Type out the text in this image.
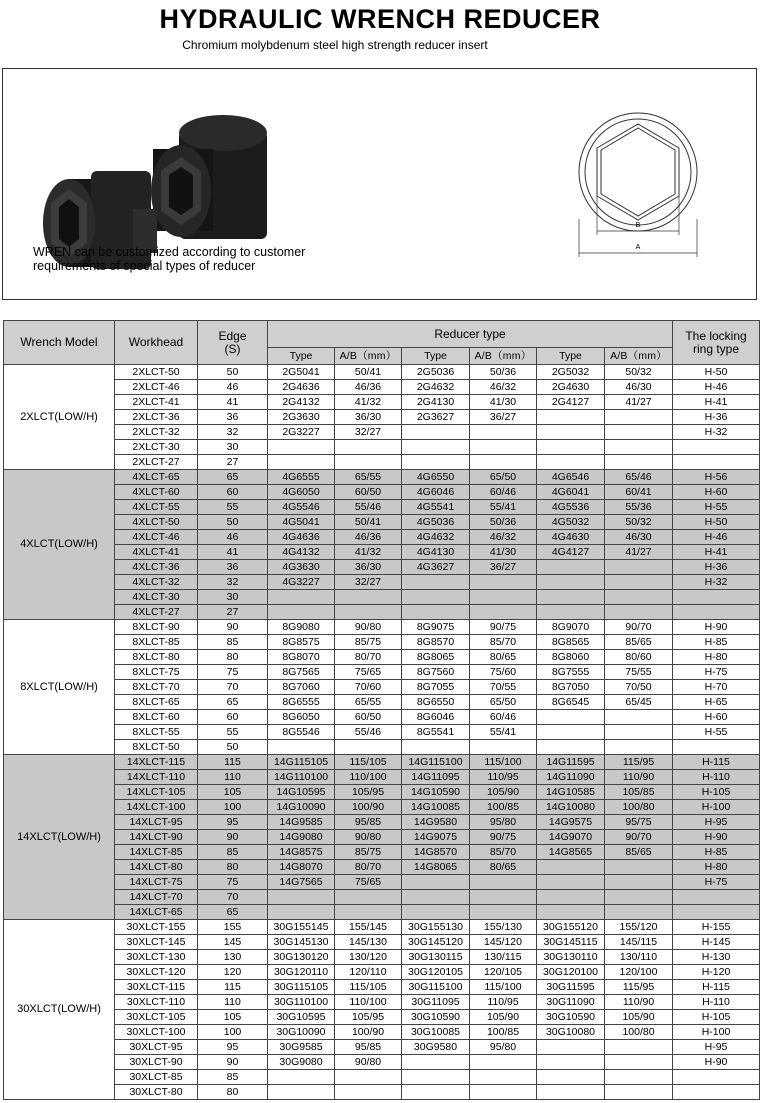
HYDRAULIC WRENCH REDUCER
Chromium molybdenum steel high strength reducer insert
WREN can be customized according to customer
requirements of special types of reducer
B
A
Wrench Model	Workhead	Edge
(S)	Reducer type						The locking
ring type
			Type	A/B（mm）	Type	A/B（mm）	Type	A/B（mm）	
2XLCT(LOW/H)	2XLCT-50	50	2G5041	50/41	2G5036	50/36	2G5032	50/32	H-50
	2XLCT-46	46	2G4636	46/36	2G4632	46/32	2G4630	46/30	H-46
	2XLCT-41	41	2G4132	41/32	2G4130	41/30	2G4127	41/27	H-41
	2XLCT-36	36	2G3630	36/30	2G3627	36/27			H-36
	2XLCT-32	32	2G3227	32/27					H-32
	2XLCT-30	30							
	2XLCT-27	27							
4XLCT(LOW/H)	4XLCT-65	65	4G6555	65/55	4G6550	65/50	4G6546	65/46	H-56
	4XLCT-60	60	4G6050	60/50	4G6046	60/46	4G6041	60/41	H-60
	4XLCT-55	55	4G5546	55/46	4G5541	55/41	4G5536	55/36	H-55
	4XLCT-50	50	4G5041	50/41	4G5036	50/36	4G5032	50/32	H-50
	4XLCT-46	46	4G4636	46/36	4G4632	46/32	4G4630	46/30	H-46
	4XLCT-41	41	4G4132	41/32	4G4130	41/30	4G4127	41/27	H-41
	4XLCT-36	36	4G3630	36/30	4G3627	36/27			H-36
	4XLCT-32	32	4G3227	32/27					H-32
	4XLCT-30	30							
	4XLCT-27	27							
8XLCT(LOW/H)	8XLCT-90	90	8G9080	90/80	8G9075	90/75	8G9070	90/70	H-90
	8XLCT-85	85	8G8575	85/75	8G8570	85/70	8G8565	85/65	H-85
	8XLCT-80	80	8G8070	80/70	8G8065	80/65	8G8060	80/60	H-80
	8XLCT-75	75	8G7565	75/65	8G7560	75/60	8G7555	75/55	H-75
	8XLCT-70	70	8G7060	70/60	8G7055	70/55	8G7050	70/50	H-70
	8XLCT-65	65	8G6555	65/55	8G6550	65/50	8G6545	65/45	H-65
	8XLCT-60	60	8G6050	60/50	8G6046	60/46			H-60
	8XLCT-55	55	8G5546	55/46	8G5541	55/41			H-55
	8XLCT-50	50							
14XLCT(LOW/H)	14XLCT-115	115	14G115105	115/105	14G115100	115/100	14G11595	115/95	H-115
	14XLCT-110	110	14G110100	110/100	14G11095	110/95	14G11090	110/90	H-110
	14XLCT-105	105	14G10595	105/95	14G10590	105/90	14G10585	105/85	H-105
	14XLCT-100	100	14G10090	100/90	14G10085	100/85	14G10080	100/80	H-100
	14XLCT-95	95	14G9585	95/85	14G9580	95/80	14G9575	95/75	H-95
	14XLCT-90	90	14G9080	90/80	14G9075	90/75	14G9070	90/70	H-90
	14XLCT-85	85	14G8575	85/75	14G8570	85/70	14G8565	85/65	H-85
	14XLCT-80	80	14G8070	80/70	14G8065	80/65			H-80
	14XLCT-75	75	14G7565	75/65					H-75
	14XLCT-70	70							
	14XLCT-65	65							
30XLCT(LOW/H)	30XLCT-155	155	30G155145	155/145	30G155130	155/130	30G155120	155/120	H-155
	30XLCT-145	145	30G145130	145/130	30G145120	145/120	30G145115	145/115	H-145
	30XLCT-130	130	30G130120	130/120	30G130115	130/115	30G130110	130/110	H-130
	30XLCT-120	120	30G120110	120/110	30G120105	120/105	30G120100	120/100	H-120
	30XLCT-115	115	30G115105	115/105	30G115100	115/100	30G11595	115/95	H-115
	30XLCT-110	110	30G110100	110/100	30G11095	110/95	30G11090	110/90	H-110
	30XLCT-105	105	30G10595	105/95	30G10590	105/90	30G10590	105/90	H-105
	30XLCT-100	100	30G10090	100/90	30G10085	100/85	30G10080	100/80	H-100
	30XLCT-95	95	30G9585	95/85	30G9580	95/80			H-95
	30XLCT-90	90	30G9080	90/80					H-90
	30XLCT-85	85							
	30XLCT-80	80							
